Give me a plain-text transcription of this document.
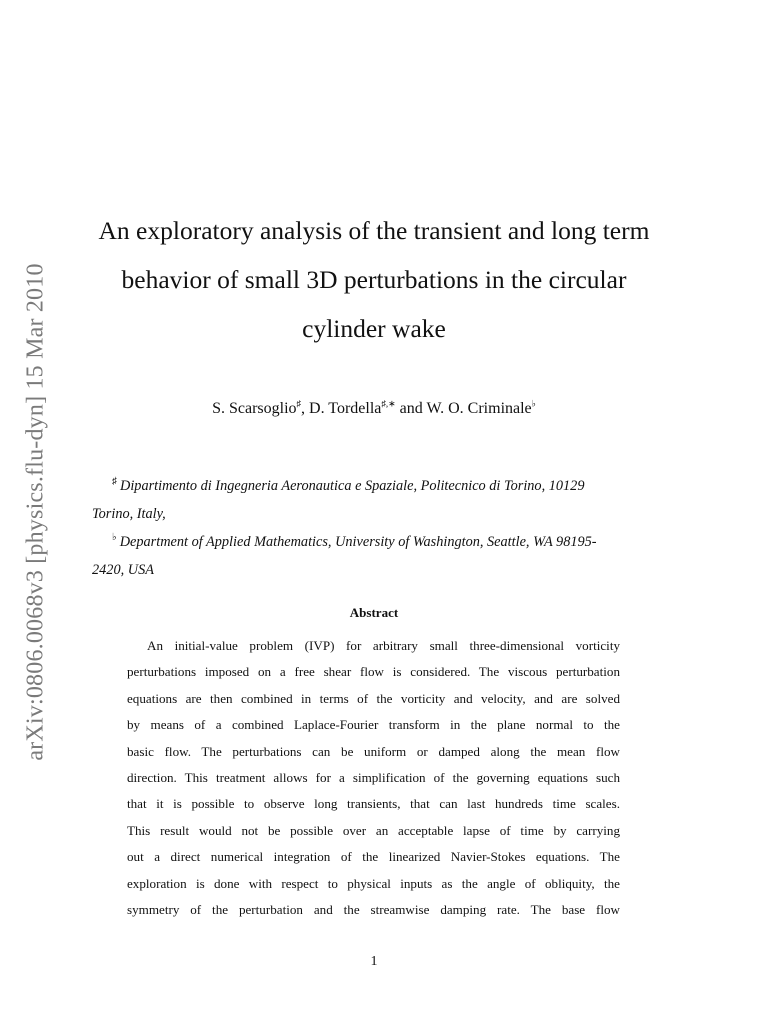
arXiv:0806.0068v3 [physics.flu-dyn] 15 Mar 2010
An exploratory analysis of the transient and long term
behavior of small 3D perturbations in the circular
cylinder wake
S. Scarsoglio♯, D. Tordella♯,∗ and W. O. Criminale♭
♯ Dipartimento di Ingegneria Aeronautica e Spaziale, Politecnico di Torino, 10129
Torino, Italy,
♭ Department of Applied Mathematics, University of Washington, Seattle, WA 98195-
2420, USA
Abstract
An initial-value problem (IVP) for arbitrary small three-dimensional vorticity
perturbations imposed on a free shear flow is considered. The viscous perturbation
equations are then combined in terms of the vorticity and velocity, and are solved
by means of a combined Laplace-Fourier transform in the plane normal to the
basic flow. The perturbations can be uniform or damped along the mean flow
direction. This treatment allows for a simplification of the governing equations such
that it is possible to observe long transients, that can last hundreds time scales.
This result would not be possible over an acceptable lapse of time by carrying
out a direct numerical integration of the linearized Navier-Stokes equations. The
exploration is done with respect to physical inputs as the angle of obliquity, the
symmetry of the perturbation and the streamwise damping rate. The base flow
1
